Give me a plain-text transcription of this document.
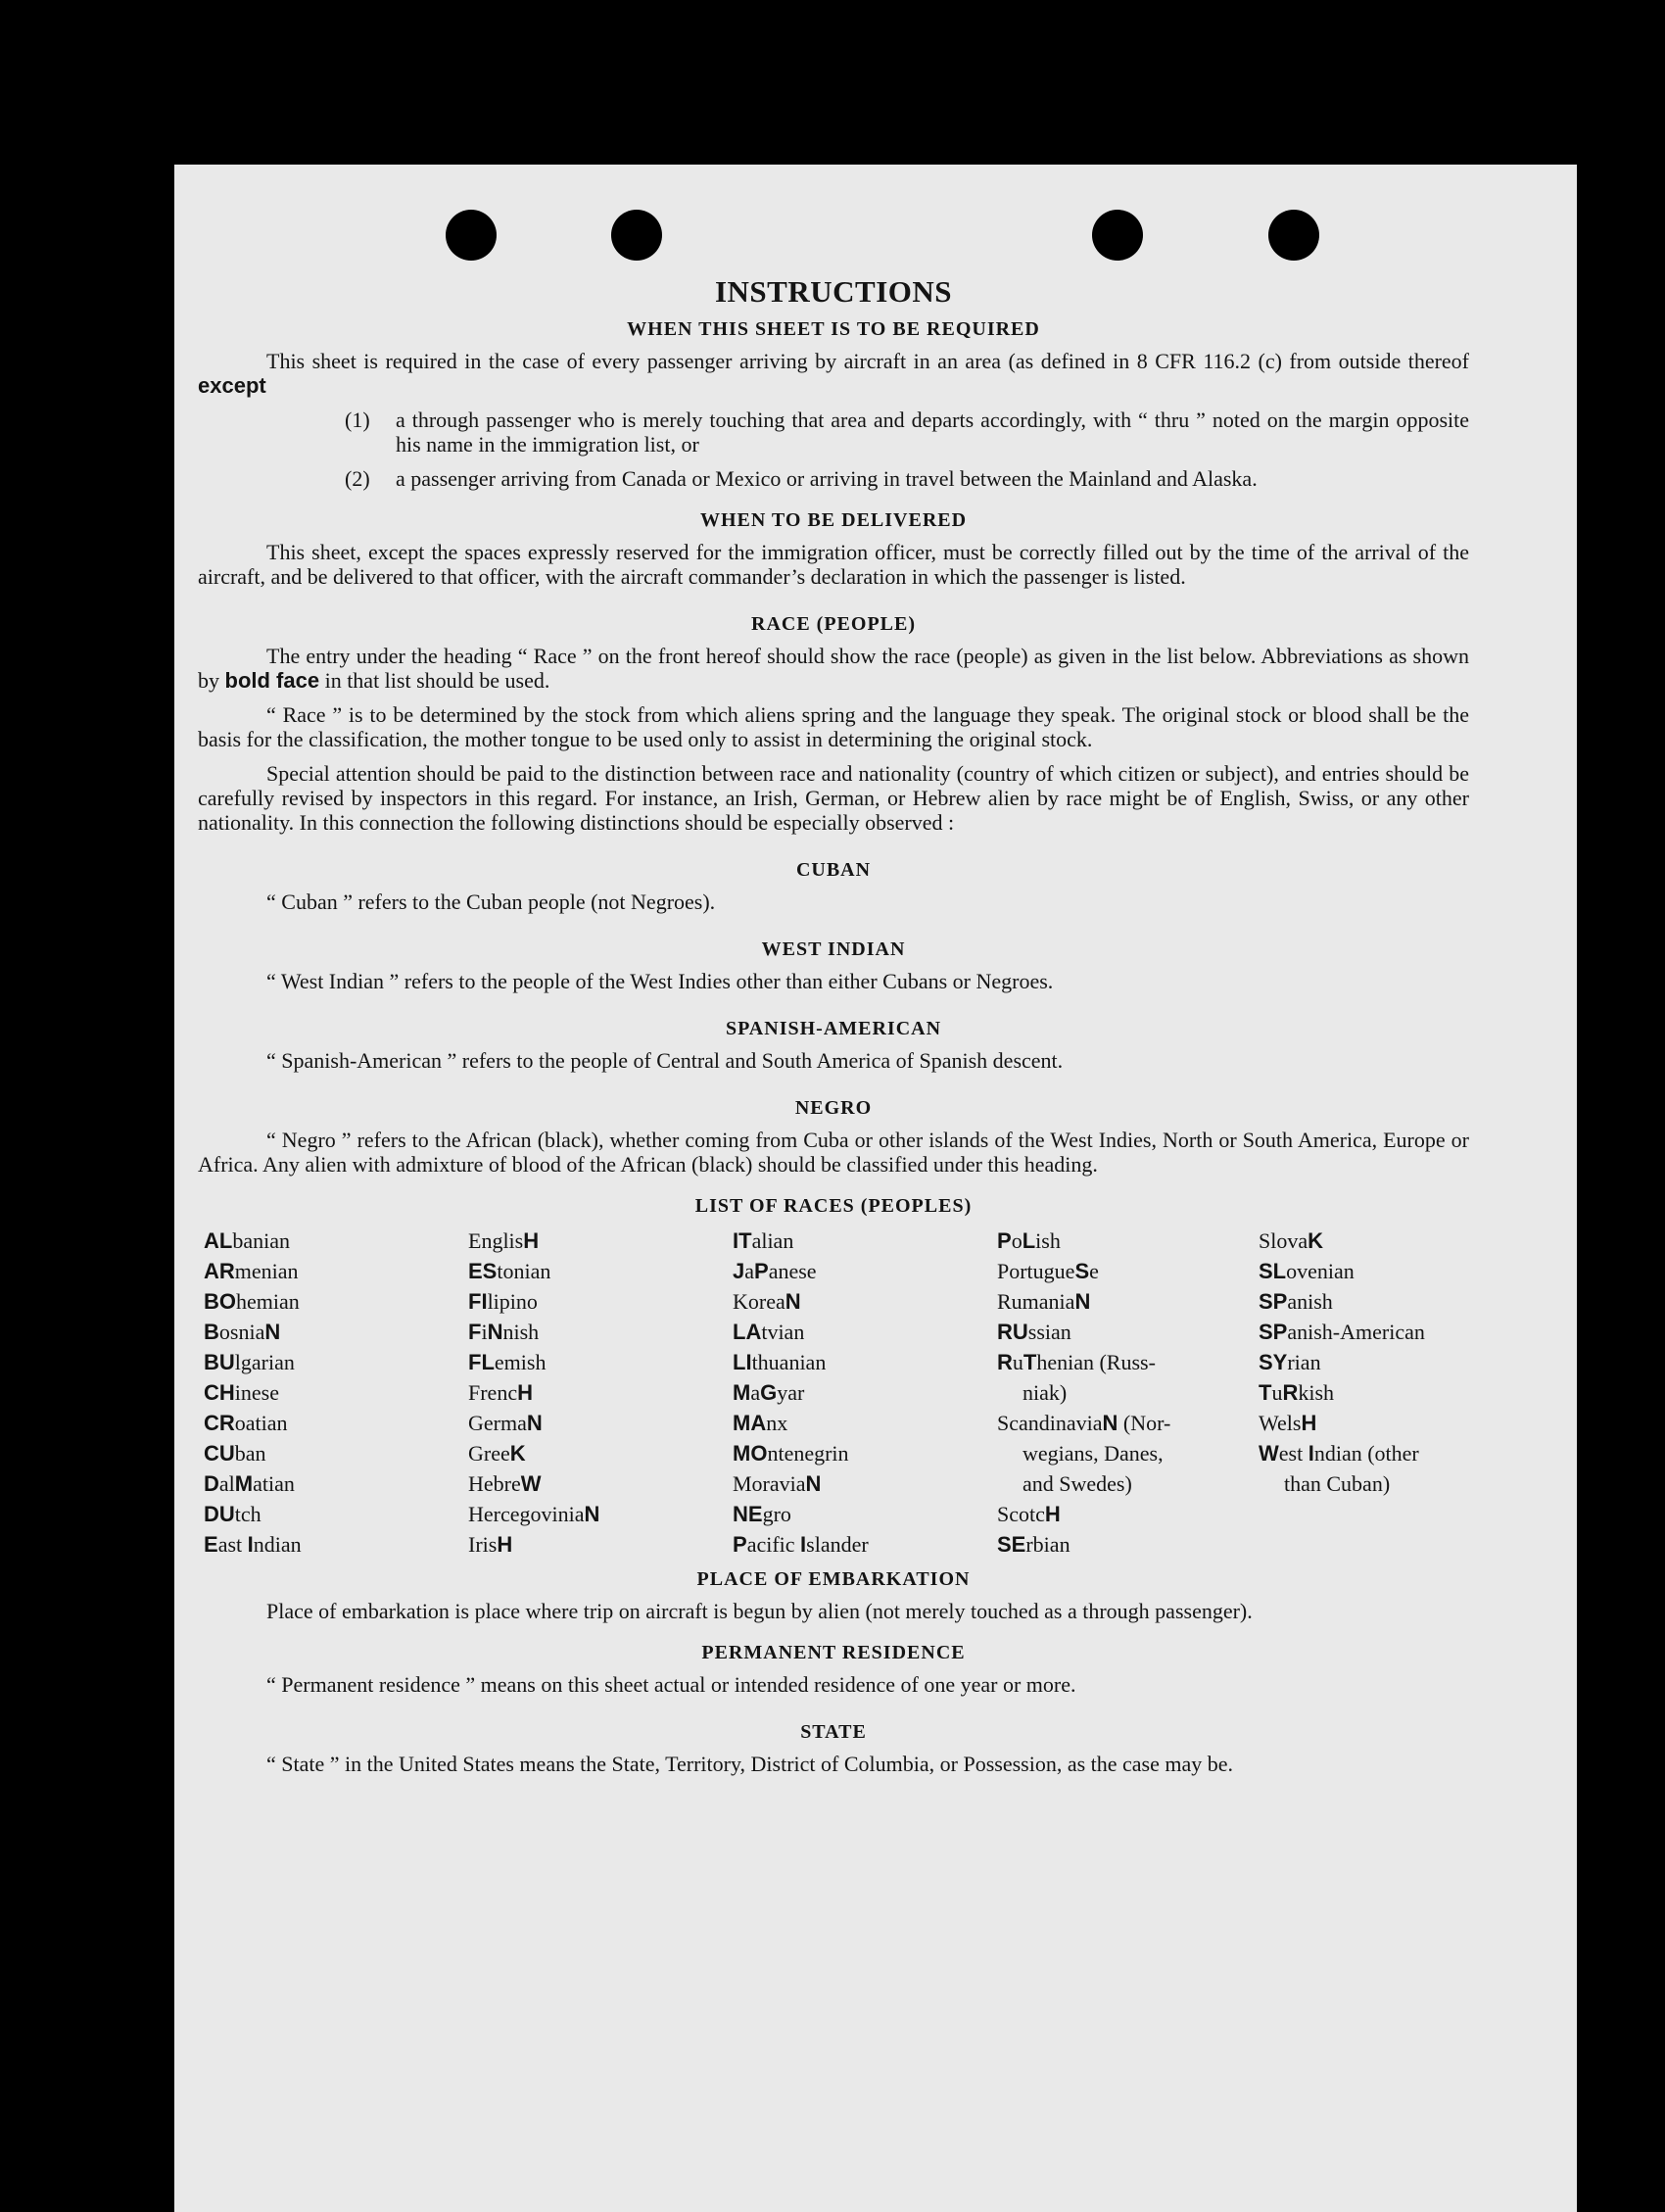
INSTRUCTIONS
WHEN THIS SHEET IS TO BE REQUIRED

This sheet is required in the case of every passenger arriving by aircraft in an area (as defined in 8 CFR 116.2 (c) from outside thereof except

(1)	a through passenger who is merely touching that area and departs accordingly, with “ thru ” noted on the margin opposite his name in the immigration list, or
(2)	a passenger arriving from Canada or Mexico or arriving in travel between the Mainland and Alaska.
WHEN TO BE DELIVERED

This sheet, except the spaces expressly reserved for the immigration officer, must be correctly filled out by the time of the arrival of the aircraft, and be delivered to that officer, with the aircraft commander’s declaration in which the passenger is listed.

RACE (PEOPLE)

The entry under the heading “ Race ” on the front hereof should show the race (people) as given in the list below. Abbreviations as shown by bold face in that list should be used.

“ Race ” is to be determined by the stock from which aliens spring and the language they speak. The original stock or blood shall be the basis for the classification, the mother tongue to be used only to assist in determining the original stock.

Special attention should be paid to the distinction between race and nationality (country of which citizen or subject), and entries should be carefully revised by inspectors in this regard. For instance, an Irish, German, or Hebrew alien by race might be of English, Swiss, or any other nationality. In this connection the following distinctions should be especially observed :

CUBAN

“ Cuban ” refers to the Cuban people (not Negroes).

WEST INDIAN

“ West Indian ” refers to the people of the West Indies other than either Cubans or Negroes.

SPANISH-AMERICAN

“ Spanish-American ” refers to the people of Central and South America of Spanish descent.

NEGRO

“ Negro ” refers to the African (black), whether coming from Cuba or other islands of the West Indies, North or South America, Europe or Africa. Any alien with admixture of blood of the African (black) should be classified under this heading.

LIST OF RACES (PEOPLES)
ALbanian	EnglisH	ITalian	PoLish	SlovaK
ARmenian	EStonian	JaPanese	PortugueSe	SLovenian
BOhemian	FIlipino	KoreaN	RumaniaN	SPanish
BosniaN	FiNnish	LAtvian	RUssian	SPanish-American
BUlgarian	FLemish	LIthuanian	RuThenian (Russ-	SYrian
CHinese	FrencH	MaGyar	niak)	TuRkish
CRoatian	GermaN	MAnx	ScandinaviaN (Nor-	WelsH
CUban	GreeK	MOntenegrin	wegians, Danes,	West Indian (other
DalMatian	HebreW	MoraviaN	and Swedes)	than Cuban)
DUtch	HercegoviniaN	NEgro	ScotcH
East Indian	IrisH	Pacific Islander	SErbian
PLACE OF EMBARKATION

Place of embarkation is place where trip on aircraft is begun by alien (not merely touched as a through passenger).

PERMANENT RESIDENCE

“ Permanent residence ” means on this sheet actual or intended residence of one year or more.

STATE

“ State ” in the United States means the State, Territory, District of Columbia, or Possession, as the case may be.
